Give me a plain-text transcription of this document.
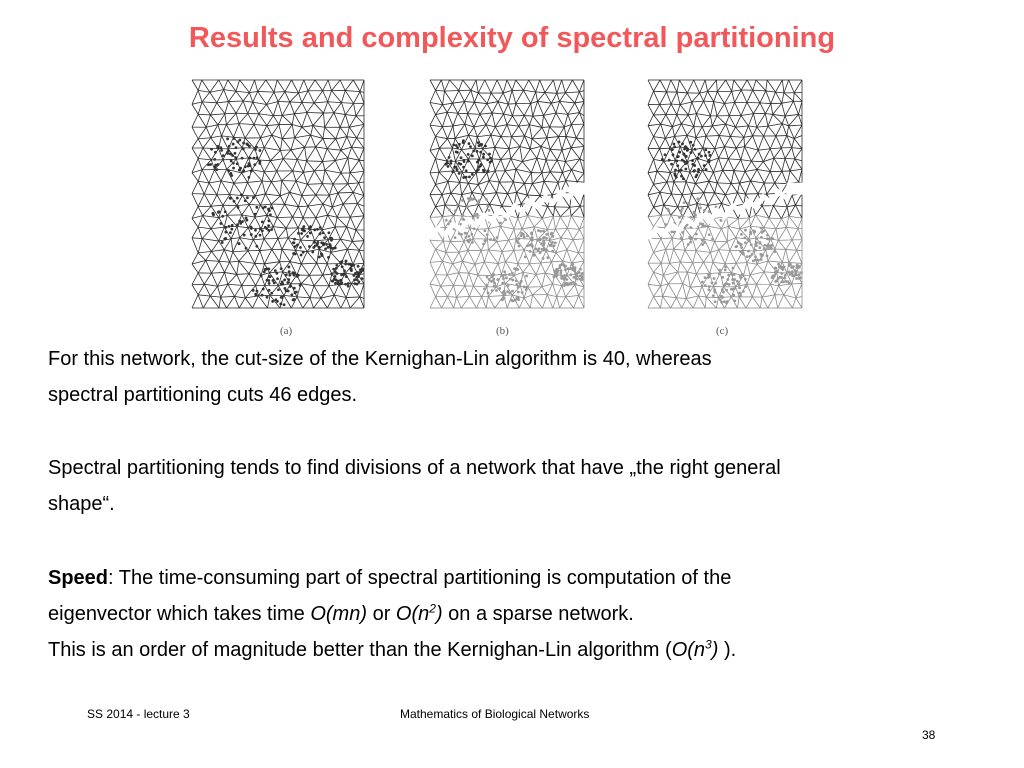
Results and complexity of spectral partitioning
(a)	(b)	(c)
For this network, the cut-size of the Kernighan-Lin algorithm is 40, whereas
spectral partitioning cuts 46 edges.
Spectral partitioning tends to find divisions of a network that have „the right general
shape“.
Speed: The time-consuming part of spectral partitioning is computation of the
eigenvector which takes time O(mn) or $O(n^2)$ on a sparse network.
This is an order of magnitude better than the Kernighan-Lin algorithm ($O(n^3)$ ).
SS 2014 - lecture 3	Mathematics of Biological Networks
38
